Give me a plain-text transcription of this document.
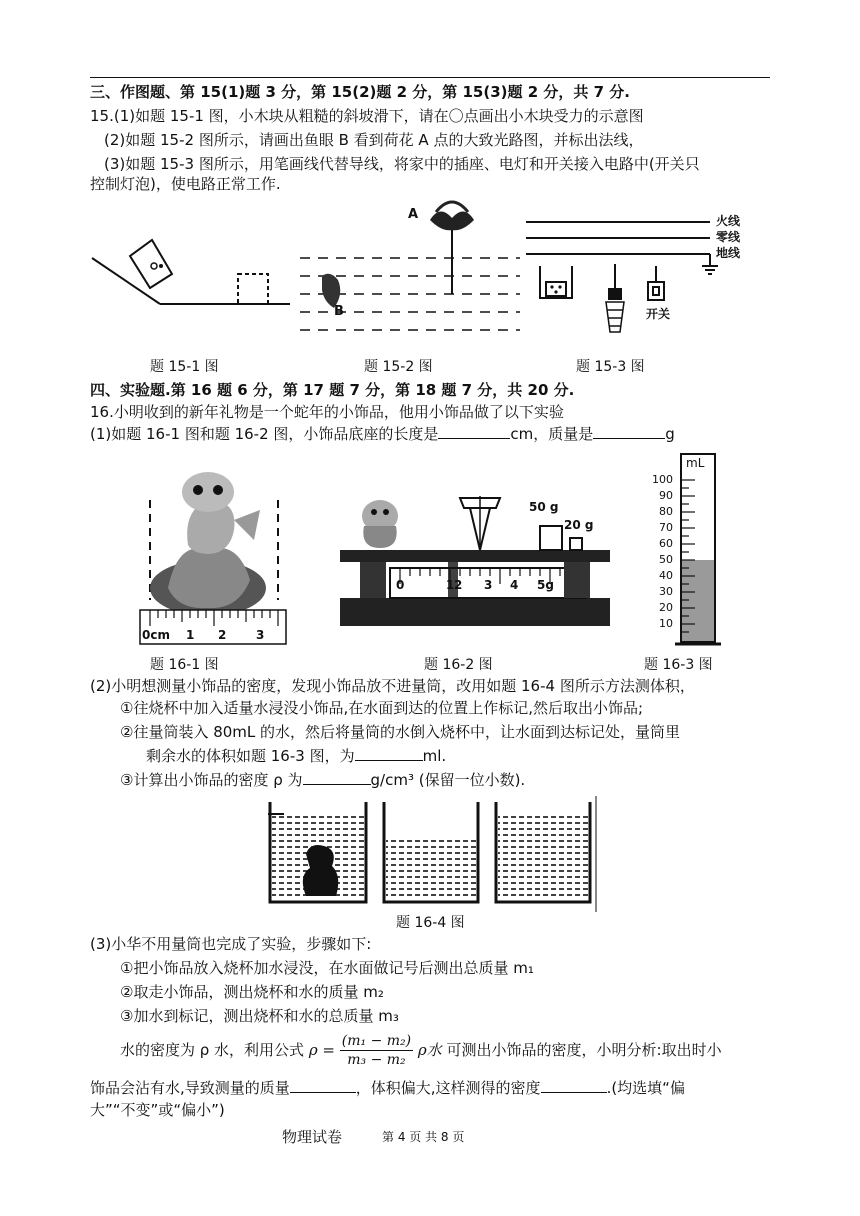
三、作图题、第 15(1)题 3 分，第 15(2)题 2 分，第 15(3)题 2 分，共 7 分.
15.(1)如题 15-1 图，小木块从粗糙的斜坡滑下，请在〇点画出小木块受力的示意图
(2)如题 15-2 图所示，请画出鱼眼 B 看到荷花 A 点的大致光路图，并标出法线，
(3)如题 15-3 图所示，用笔画线代替导线，将家中的插座、电灯和开关接入电路中(开关只
控制灯泡)，使电路正常工作.
A
B
火线
零线
地线
开关
题 15-1 图	题 15-2 图	题 15-3 图
四、实验题.第 16 题 6 分，第 17 题 7 分，第 18 题 7 分，共 20 分.
16.小明收到的新年礼物是一个蛇年的小饰品，他用小饰品做了以下实验
(1)如题 16-1 图和题 16-2 图，小饰品底座的长度是	cm，质量是	g
0cm 1 2 3
50 g
20 g
0	1 2 3 4 5g
mL
100
90
80
70
60
50
40
30
20
10
题 16-1 图	题 16-2 图	题 16-3 图
(2)小明想测量小饰品的密度，发现小饰品放不进量筒，改用如题 16-4 图所示方法测体积，
①往烧杯中加入适量水浸没小饰品,在水面到达的位置上作标记,然后取出小饰品;
②往量筒装入 80mL 的水，然后将量筒的水倒入烧杯中，让水面到达标记处，量筒里
剩余水的体积如题 16-3 图，为	ml.
③计算出小饰品的密度 ρ 为	g/cm³ (保留一位小数).
题 16-4 图
(3)小华不用量筒也完成了实验，步骤如下:
①把小饰品放入烧杯加水浸没，在水面做记号后测出总质量 m₁
②取走小饰品，测出烧杯和水的质量 m₂
③加水到标记，测出烧杯和水的总质量 m₃
水的密度为 ρ 水，利用公式 $\rho = \frac{\text{(m₁ − m₂)}}{\text{m₃ − m₂}}$ ρ水 可测出小饰品的密度，小明分析:取出时小
饰品会沾有水,导致测量的质量	，体积偏大,这样测得的密度	.(均选填“偏
大”“不变”或“偏小”)
物理试卷	第 4 页 共 8 页
